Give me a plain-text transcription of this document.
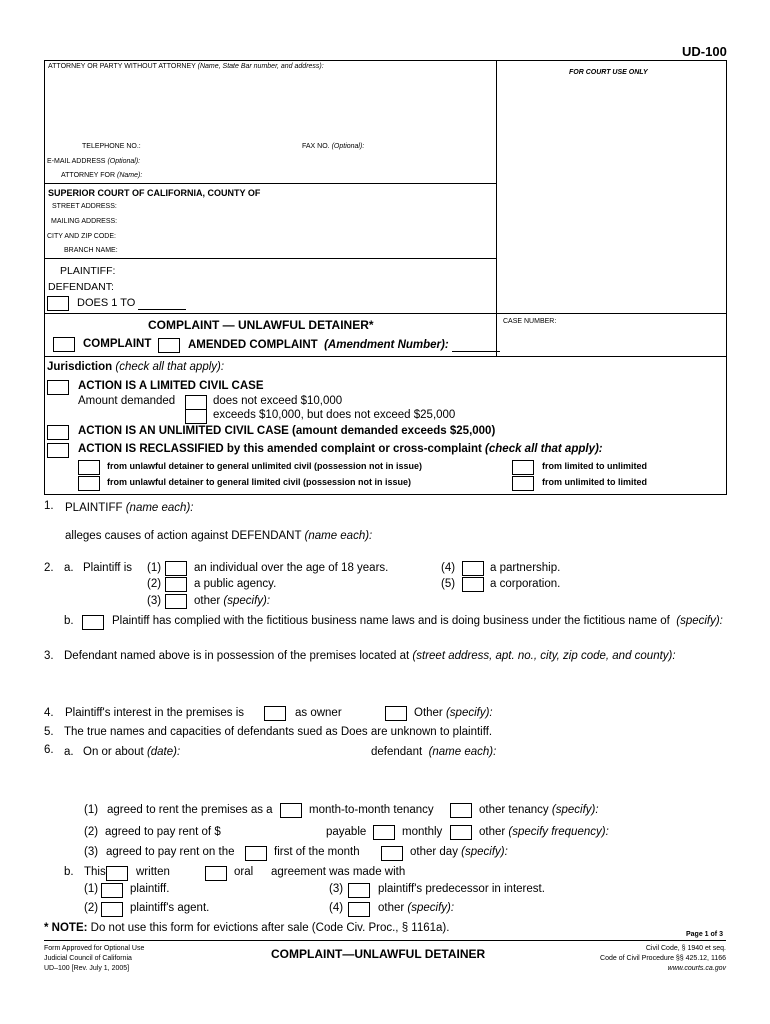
UD-100
ATTORNEY OR PARTY WITHOUT ATTORNEY (Name, State Bar number, and address):
FOR COURT USE ONLY
TELEPHONE NO.:	FAX NO. (Optional):
E-MAIL ADDRESS (Optional):
ATTORNEY FOR (Name):
SUPERIOR COURT OF CALIFORNIA, COUNTY OF
STREET ADDRESS:
MAILING ADDRESS:
CITY AND ZIP CODE:
BRANCH NAME:
PLAINTIFF:
DEFENDANT:
DOES 1 TO
COMPLAINT — UNLAWFUL DETAINER*	CASE NUMBER:
COMPLAINT	AMENDED COMPLAINT (Amendment Number):
Jurisdiction (check all that apply):
ACTION IS A LIMITED CIVIL CASE
Amount demanded	does not exceed $10,000
exceeds $10,000, but does not exceed $25,000
ACTION IS AN UNLIMITED CIVIL CASE (amount demanded exceeds $25,000)
ACTION IS RECLASSIFIED by this amended complaint or cross-complaint (check all that apply):
from unlawful detainer to general unlimited civil (possession not in issue)	from limited to unlimited
from unlawful detainer to general limited civil (possession not in issue)	from unlimited to limited
1. PLAINTIFF (name each):
alleges causes of action against DEFENDANT (name each):
2. a. Plaintiff is (1)	an individual over the age of 18 years.
(2)	a public agency.
(3)	other (specify):
(4)	a partnership.
(5)	a corporation.
b.	Plaintiff has complied with the fictitious business name laws and is doing business under the fictitious name of (specify):
3. Defendant named above is in possession of the premises located at (street address, apt. no., city, zip code, and county):
4. Plaintiff's interest in the premises is	as owner	Other (specify):
5. The true names and capacities of defendants sued as Does are unknown to plaintiff.
6. a. On or about (date):	defendant (name each):
(1) agreed to rent the premises as a	month-to-month tenancy	other tenancy (specify):
(2) agreed to pay rent of $	payable	monthly	other (specify frequency):
(3) agreed to pay rent on the	first of the month	other day (specify):
b. This	written	oral agreement was made with
(1)	plaintiff.	(3)	plaintiff's predecessor in interest.
(2)	plaintiff's agent.	(4)	other (specify):
* NOTE: Do not use this form for evictions after sale (Code Civ. Proc., § 1161a).
Page 1 of 3
Form Approved for Optional Use
Judicial Council of California
UD–100 [Rev. July 1, 2005]
COMPLAINT—UNLAWFUL DETAINER	Civil Code, § 1940 et seq.
Code of Civil Procedure §§ 425.12, 1166
www.courts.ca.gov
